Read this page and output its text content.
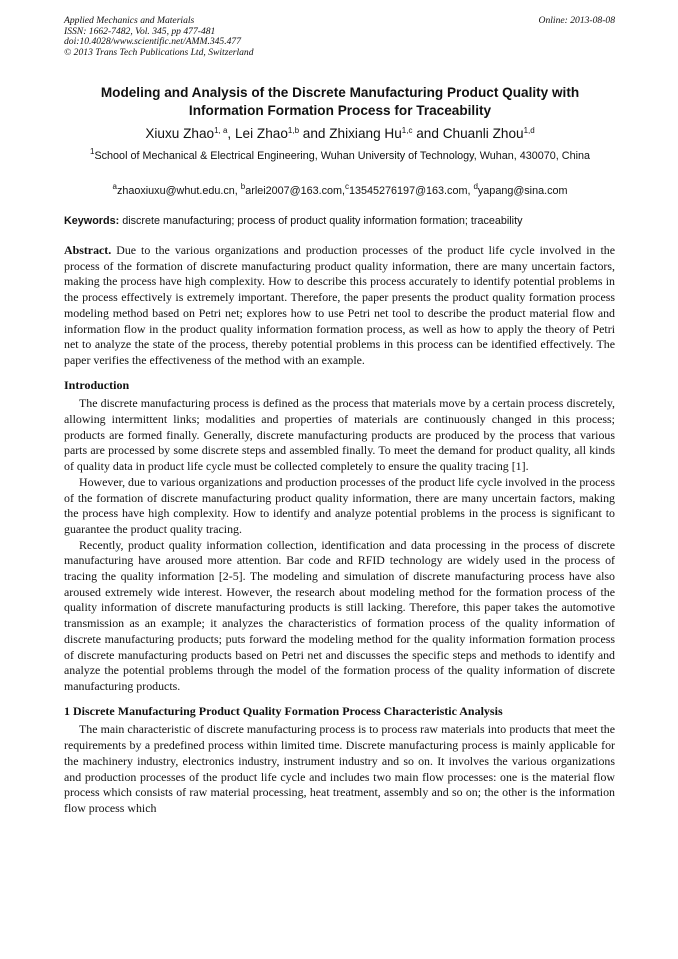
Applied Mechanics and Materials
ISSN: 1662-7482, Vol. 345, pp 477-481
doi:10.4028/www.scientific.net/AMM.345.477
© 2013 Trans Tech Publications Ltd, Switzerland
Online: 2013-08-08
Modeling and Analysis of the Discrete Manufacturing Product Quality with
Information Formation Process for Traceability
Xiuxu Zhao$^{1, a}$, Lei Zhao$^{1,b}$ and Zhixiang Hu$^{1,c}$ and Chuanli Zhou$^{1,d}$
$^1$School of Mechanical & Electrical Engineering, Wuhan University of Technology, Wuhan, 430070, China
$^a$zhaoxiuxu@whut.edu.cn, $^b$arlei2007@163.com,$^c$13545276197@163.com, $^d$yapang@sina.com
Keywords: discrete manufacturing; process of product quality information formation; traceability

Abstract. Due to the various organizations and production processes of the product life cycle involved in the process of the formation of discrete manufacturing product quality information, there are many uncertain factors, making the process have high complexity. How to describe this process accurately to identify potential problems in the process effectively is extremely important. Therefore, the paper presents the product quality formation process modeling method based on Petri net; explores how to use Petri net tool to describe the product material flow and information flow in the product quality information formation process, as well as how to apply the theory of Petri net to analyze the state of the process, thereby potential problems in this process can be identified effectively. The paper verifies the effectiveness of the method with an example.

Introduction

The discrete manufacturing process is defined as the process that materials move by a certain process discretely, allowing intermittent links; modalities and properties of materials are continuously changed in this process; products are formed finally. Generally, discrete manufacturing products are produced by the process that various parts are processed by some discrete steps and assembled finally. To meet the demand for product quality, all kinds of quality data in product life cycle must be collected completely to ensure the quality tracing [1].

However, due to various organizations and production processes of the product life cycle involved in the process of the formation of discrete manufacturing product quality information, there are many uncertain factors, making the process have high complexity. How to identify and analyze potential problems in the process is significant to guarantee the product quality tracing.

Recently, product quality information collection, identification and data processing in the process of discrete manufacturing have aroused more attention. Bar code and RFID technology are widely used in the process of tracing the quality information [2-5]. The modeling and simulation of discrete manufacturing process have also aroused extremely wide interest. However, the research about modeling method for the formation process of the quality information of discrete manufacturing products is still lacking. Therefore, this paper takes the automotive transmission as an example; it analyzes the characteristics of formation process of the quality information of discrete manufacturing products; puts forward the modeling method for the quality information formation process of discrete manufacturing products based on Petri net and discusses the specific steps and methods to identify and analyze the potential problems through the model of the formation process of the quality information of discrete manufacturing products.

1 Discrete Manufacturing Product Quality Formation Process Characteristic Analysis

The main characteristic of discrete manufacturing process is to process raw materials into products that meet the requirements by a predefined process within limited time. Discrete manufacturing process is mainly applicable for the machinery industry, electronics industry, instrument industry and so on. It involves the various organizations and production processes of the product life cycle and includes two main flow processes: one is the material flow process which consists of raw material processing, heat treatment, assembly and so on; the other is the information flow process which
